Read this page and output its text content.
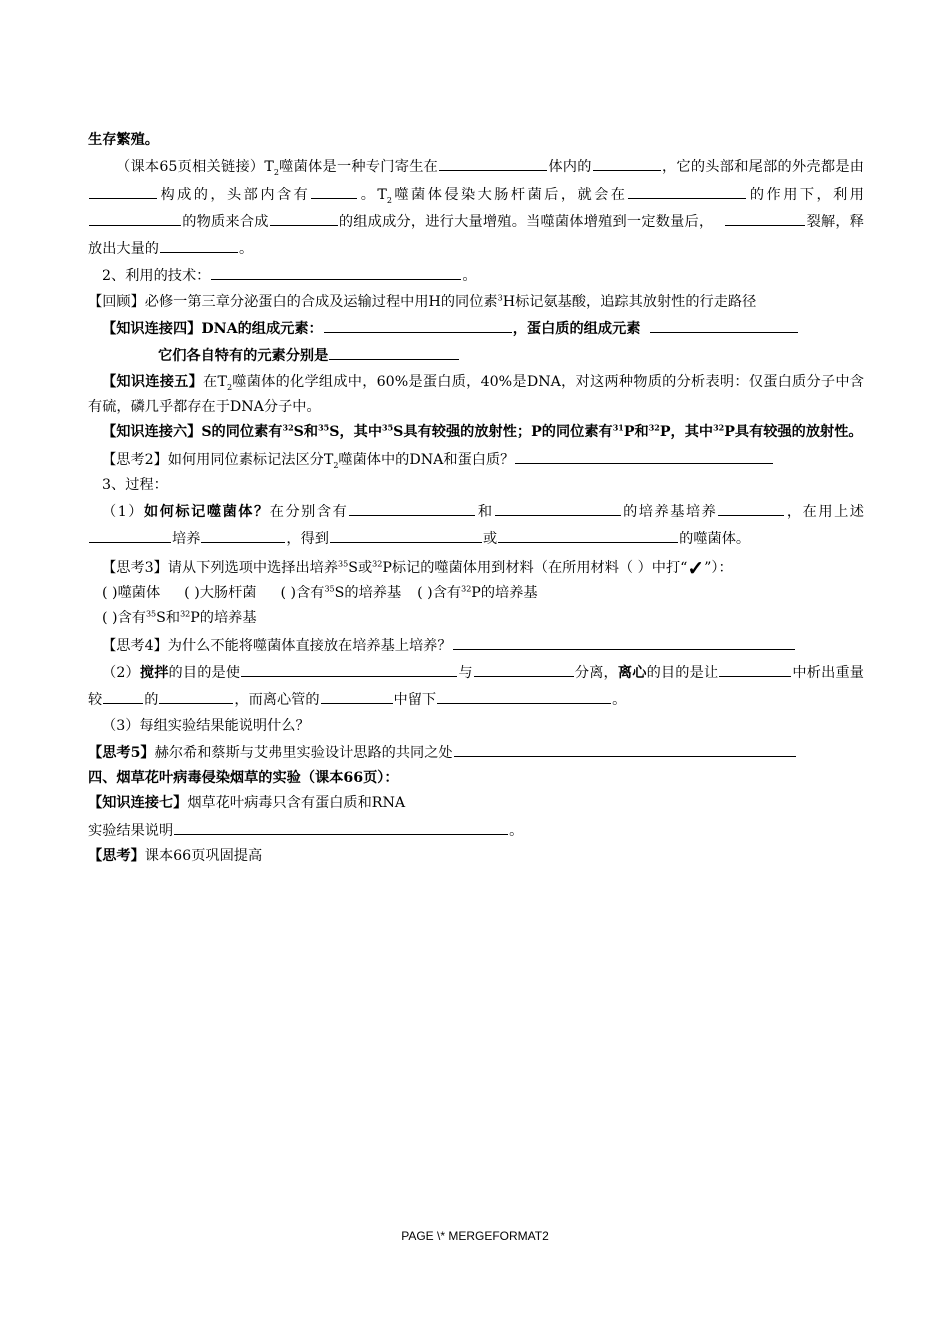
生存繁殖。

（课本65页相关链接）$T_2$噬菌体是一种专门寄生在	体内的	，它的头部和尾部的外壳都是由构成的，头部内含有	。$T_2$噬菌体侵染大肠杆菌后，就会在	的作用下，利用的物质来合成	的组成成分，进行大量增殖。当噬菌体增殖到一定数量后，	裂解，释放出大量的	。

2、利用的技术：	。

【回顾】必修一第三章分泌蛋白的合成及运输过程中用H的同位素$^3$H标记氨基酸，追踪其放射性的行走路径

【知识连接四】DNA的组成元素：	，蛋白质的组成元素

它们各自特有的元素分别是

【知识连接五】在$T_2$噬菌体的化学组成中，60%是蛋白质，40%是DNA，对这两种物质的分析表明：仅蛋白质分子中含有硫，磷几乎都存在于DNA分子中。

【知识连接六】S的同位素有$^{32}$S和$^{35}$S，其中$^{35}$S具有较强的放射性；P的同位素有$^{31}$P和$^{32}$P，其中$^{32}$P具有较强的放射性。

【思考2】如何用同位素标记法区分$T_2$噬菌体中的DNA和蛋白质？

3、过程：

（1）如何标记噬菌体？在分别含有	和	的培养基培养	，在用上述培养	，得到	或	的噬菌体。

【思考3】请从下列选项中选择出培养$^{35}$S或$^{32}$P标记的噬菌体用到材料（在所用材料（ ）中打“✓”）：

( )噬菌体 ( )大肠杆菌 ( )含有$^{35}$S的培养基 ( )含有$^{32}$P的培养基

( )含有$^{35}$S和$^{32}$P的培养基

【思考4】为什么不能将噬菌体直接放在培养基上培养？

（2）搅拌的目的是使	与	分离，离心的目的是让	中析出重量较	的	，而离心管的	中留下	。

（3）每组实验结果能说明什么？

【思考5】赫尔希和蔡斯与艾弗里实验设计思路的共同之处

四、烟草花叶病毒侵染烟草的实验（课本66页）：

【知识连接七】烟草花叶病毒只含有蛋白质和RNA

实验结果说明	。

【思考】课本66页巩固提高

PAGE \* MERGEFORMAT2
